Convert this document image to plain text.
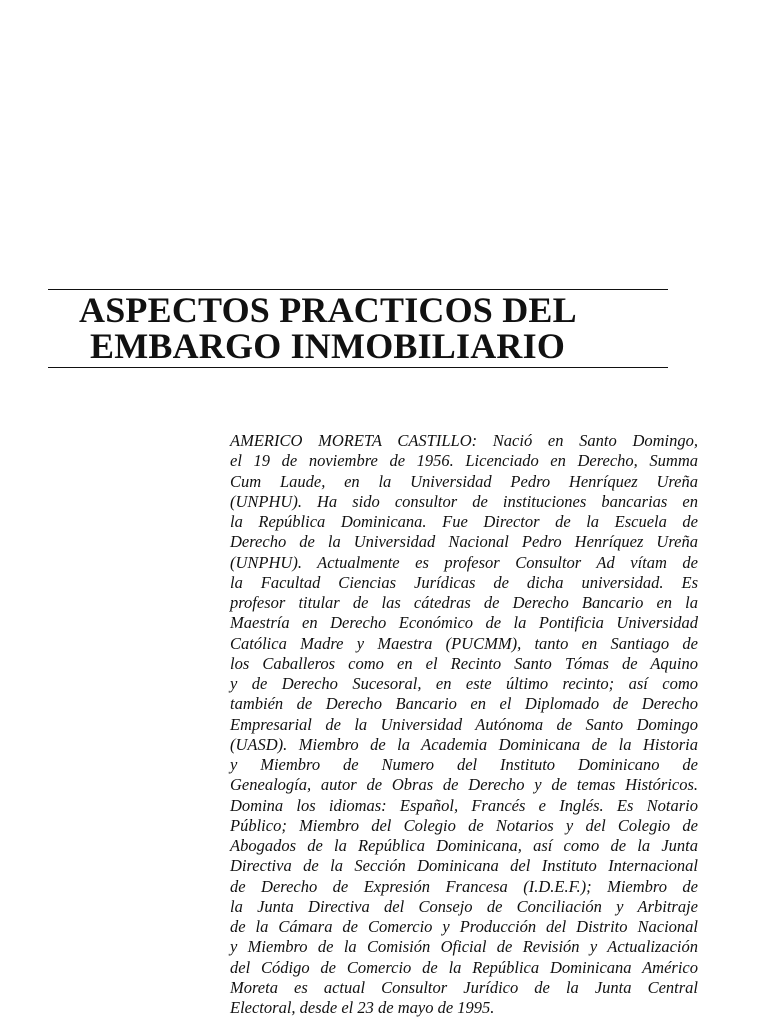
ASPECTOS PRACTICOS DEL
EMBARGO INMOBILIARIO
AMERICO MORETA CASTILLO: Nació en Santo Domingo,
el 19 de noviembre de 1956. Licenciado en Derecho, Summa
Cum Laude, en la Universidad Pedro Henríquez Ureña
(UNPHU). Ha sido consultor de instituciones bancarias en
la República Dominicana. Fue Director de la Escuela de
Derecho de la Universidad Nacional Pedro Henríquez Ureña
(UNPHU). Actualmente es profesor Consultor Ad vítam de
la Facultad Ciencias Jurídicas de dicha universidad. Es
profesor titular de las cátedras de Derecho Bancario en la
Maestría en Derecho Económico de la Pontificia Universidad
Católica Madre y Maestra (PUCMM), tanto en Santiago de
los Caballeros como en el Recinto Santo Tómas de Aquino
y de Derecho Sucesoral, en este último recinto; así como
también de Derecho Bancario en el Diplomado de Derecho
Empresarial de la Universidad Autónoma de Santo Domingo
(UASD). Miembro de la Academia Dominicana de la Historia
y Miembro de Numero del Instituto Dominicano de
Genealogía, autor de Obras de Derecho y de temas Históricos.
Domina los idiomas: Español, Francés e Inglés. Es Notario
Público; Miembro del Colegio de Notarios y del Colegio de
Abogados de la República Dominicana, así como de la Junta
Directiva de la Sección Dominicana del Instituto Internacional
de Derecho de Expresión Francesa (I.D.E.F.); Miembro de
la Junta Directiva del Consejo de Conciliación y Arbitraje
de la Cámara de Comercio y Producción del Distrito Nacional
y Miembro de la Comisión Oficial de Revisión y Actualización
del Código de Comercio de la República Dominicana Américo
Moreta es actual Consultor Jurídico de la Junta Central
Electoral, desde el 23 de mayo de 1995.
